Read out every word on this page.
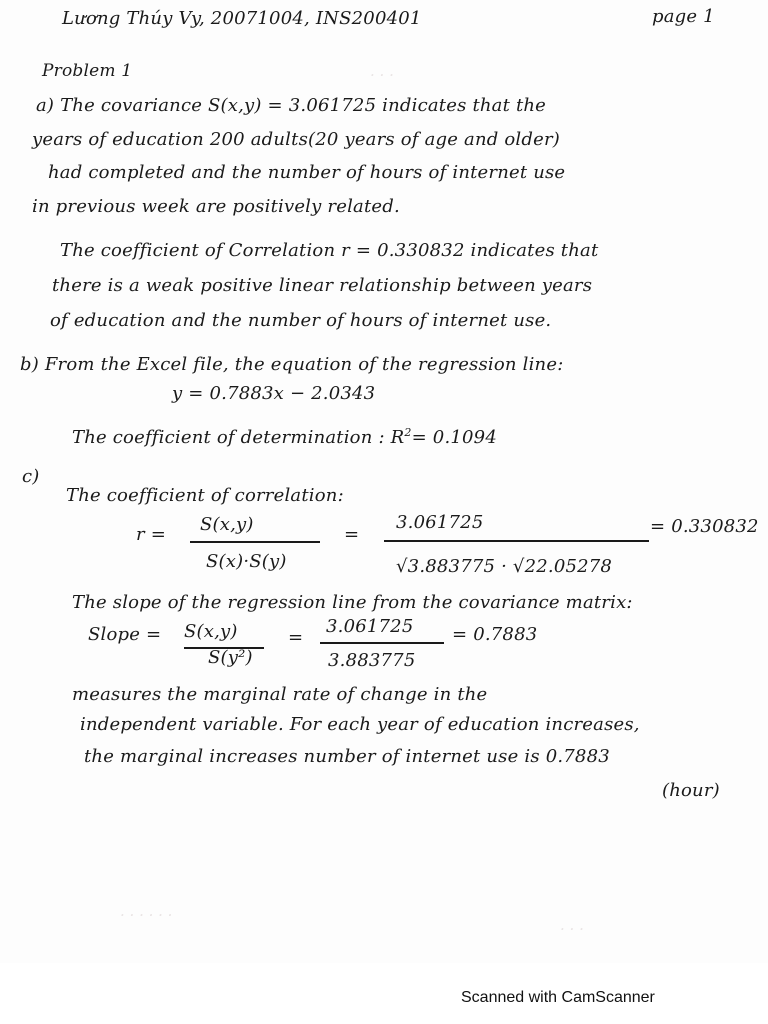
· · ·
· · · · · ·
· · ·
Lương Thúy Vy, 20071004, INS200401	page 1
Problem 1
a) The covariance S(x,y) = 3.061725 indicates that the
years of education 200 adults(20 years of age and older)
had completed and the number of hours of internet use
in previous week are positively related.
The coefficient of Correlation r = 0.330832 indicates that
there is a weak positive linear relationship between years
of education and the number of hours of internet use.
b) From the Excel file, the equation of the regression line:
y = 0.7883x − 2.0343
The coefficient of determination : $R^2= 0.1094$
c)
The coefficient of correlation:
r = S(x,y)
S(x)·S(y)
=
3.061725
√3.883775 · √22.05278
= 0.330832
The slope of the regression line from the covariance matrix:
Slope = S(x,y)
S(y²)
=
3.061725
3.883775
= 0.7883
measures the marginal rate of change in the
independent variable. For each year of education increases,
the marginal increases number of internet use is 0.7883
(hour)
Scanned with CamScanner
